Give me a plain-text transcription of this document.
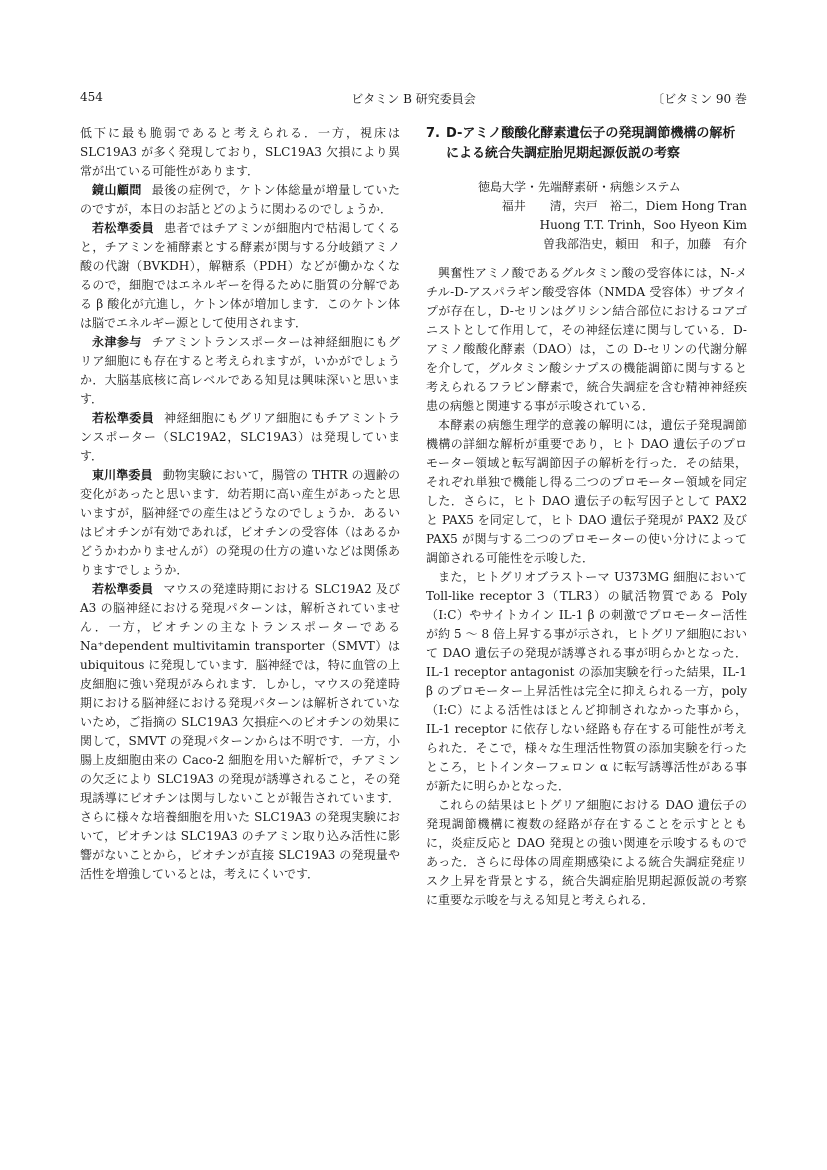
454	ビタミン B 研究委員会	〔ビタミン 90 巻

低下に最も脆弱であると考えられる．一方，視床はSLC19A3 が多く発現しており，SLC19A3 欠損により異常が出ている可能性があります．

鏡山顧問 最後の症例で，ケトン体総量が増量していたのですが，本日のお話とどのように関わるのでしょうか．

若松準委員 患者ではチアミンが細胞内で枯渇してくると，チアミンを補酵素とする酵素が関与する分岐鎖アミノ酸の代謝（BVKDH），解糖系（PDH）などが働かなくなるので，細胞ではエネルギーを得るために脂質の分解である β 酸化が亢進し，ケトン体が増加します．このケトン体は脳でエネルギー源として使用されます．

永津参与 チアミントランスポーターは神経細胞にもグリア細胞にも存在すると考えられますが，いかがでしょうか．大脳基底核に高レベルである知見は興味深いと思います．

若松準委員 神経細胞にもグリア細胞にもチアミントランスポーター（SLC19A2，SLC19A3）は発現しています．

東川準委員 動物実験において，腸管の THTR の週齢の変化があったと思います．幼若期に高い産生があったと思いますが，脳神経での産生はどうなのでしょうか．あるいはビオチンが有効であれば，ビオチンの受容体（はあるかどうかわかりませんが）の発現の仕方の違いなどは関係ありますでしょうか．

若松準委員 マウスの発達時期における SLC19A2 及び A3 の脳神経における発現パターンは，解析されていません．一方，ビオチンの主なトランスポーターである Na⁺dependent multivitamin transporter（SMVT）は ubiquitous に発現しています．脳神経では，特に血管の上皮細胞に強い発現がみられます．しかし，マウスの発達時期における脳神経における発現パターンは解析されていないため，ご指摘の SLC19A3 欠損症へのビオチンの効果に関して，SMVT の発現パターンからは不明です．一方，小腸上皮細胞由来の Caco-2 細胞を用いた解析で，チアミンの欠乏により SLC19A3 の発現が誘導されること，その発現誘導にビオチンは関与しないことが報告されています．さらに様々な培養細胞を用いた SLC19A3 の発現実験において，ビオチンは SLC19A3 のチアミン取り込み活性に影響がないことから，ビオチンが直接 SLC19A3 の発現量や活性を増強しているとは，考えにくいです．

7. D-アミノ酸酸化酵素遺伝子の発現調節機構の解析による統合失調症胎児期起源仮説の考察

徳島大学・先端酵素研・病態システム

福井　　清，宍戸　裕二，Diem Hong Tran
Huong T.T. Trinh，Soo Hyeon Kim
曽我部浩史，頼田　和子，加藤　有介

興奮性アミノ酸であるグルタミン酸の受容体には，N-メチル-D-アスパラギン酸受容体（NMDA 受容体）サブタイプが存在し，D-セリンはグリシン結合部位におけるコアゴニストとして作用して，その神経伝達に関与している．D-アミノ酸酸化酵素（DAO）は，この D-セリンの代謝分解を介して，グルタミン酸シナプスの機能調節に関与すると考えられるフラビン酵素で，統合失調症を含む精神神経疾患の病態と関連する事が示唆されている．

本酵素の病態生理学的意義の解明には，遺伝子発現調節機構の詳細な解析が重要であり，ヒト DAO 遺伝子のプロモーター領域と転写調節因子の解析を行った．その結果，それぞれ単独で機能し得る二つのプロモーター領域を同定した．さらに，ヒト DAO 遺伝子の転写因子として PAX2 と PAX5 を同定して，ヒト DAO 遺伝子発現が PAX2 及び PAX5 が関与する二つのプロモーターの使い分けによって調節される可能性を示唆した．

また，ヒトグリオブラストーマ U373MG 細胞において Toll-like receptor 3（TLR3）の賦活物質である Poly（I:C）やサイトカイン IL-1 β の刺激でプロモーター活性が約 5 ～ 8 倍上昇する事が示され，ヒトグリア細胞において DAO 遺伝子の発現が誘導される事が明らかとなった．IL-1 receptor antagonist の添加実験を行った結果，IL-1 β のプロモーター上昇活性は完全に抑えられる一方，poly（I:C）による活性はほとんど抑制されなかった事から，IL-1 receptor に依存しない経路も存在する可能性が考えられた．そこで，様々な生理活性物質の添加実験を行ったところ，ヒトインターフェロン α に転写誘導活性がある事が新たに明らかとなった．

これらの結果はヒトグリア細胞における DAO 遺伝子の発現調節機構に複数の経路が存在することを示すとともに，炎症反応と DAO 発現との強い関連を示唆するものであった．さらに母体の周産期感染による統合失調症発症リスク上昇を背景とする，統合失調症胎児期起源仮説の考察に重要な示唆を与える知見と考えられる．
